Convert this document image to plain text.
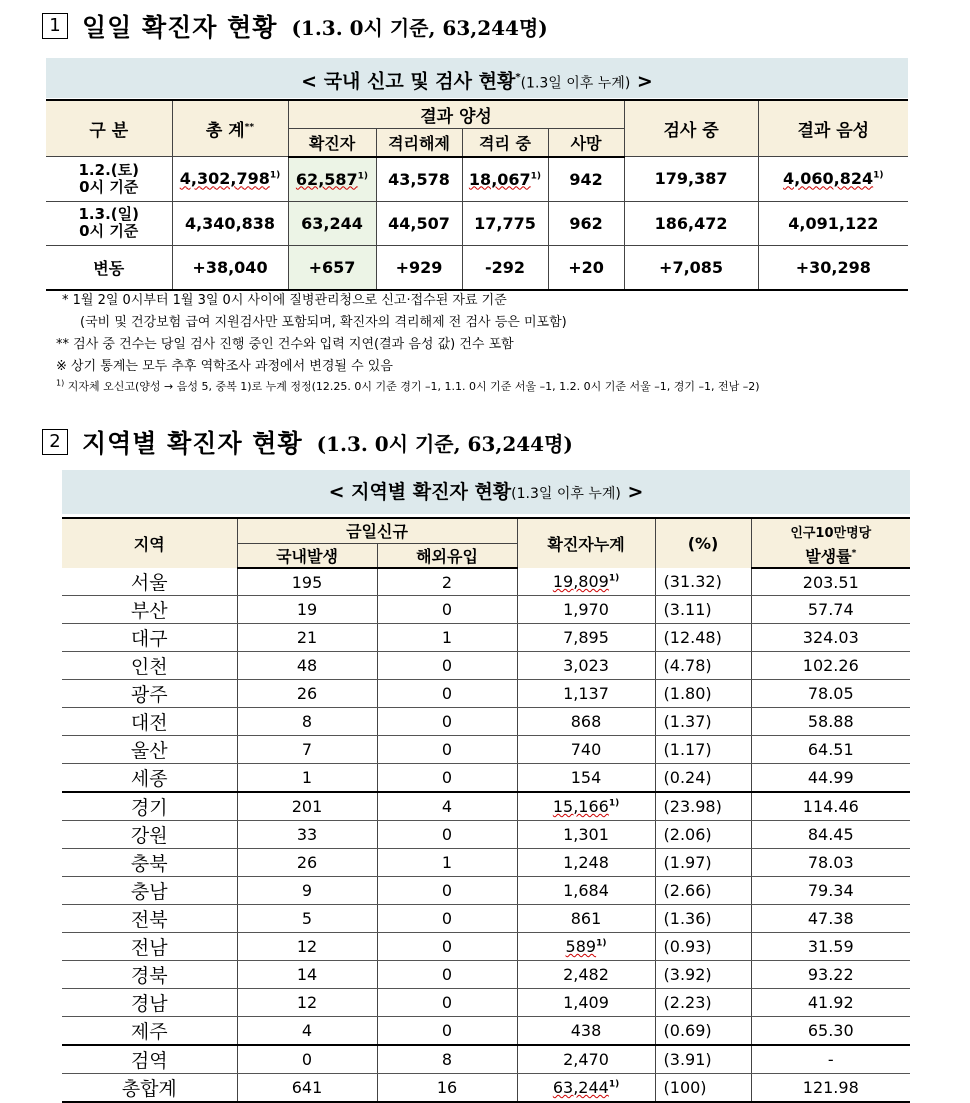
1 일일 확진자 현황 (1.3. 0시 기준, 63,244명)
< 국내 신고 및 검사 현황*(1.3일 이후 누계) >
구 분	총 계**	결과 양성				검사 중	결과 음성
		확진자	격리해제	격리 중	사망		
1.2.(토)
0시 기준	4,302,798$^{1)}$	62,587$^{1)}$	43,578	18,067$^{1)}$	942	179,387	4,060,824$^{1)}$
1.3.(일)
0시 기준	4,340,838	63,244	44,507	17,775	962	186,472	4,091,122
변동	+38,040	+657	+929	-292	+20	+7,085	+30,298
* 1월 2일 0시부터 1월 3일 0시 사이에 질병관리청으로 신고·접수된 자료 기준
(국비 및 건강보험 급여 지원검사만 포함되며, 확진자의 격리해제 전 검사 등은 미포함)
** 검사 중 건수는 당일 검사 진행 중인 건수와 입력 지연(결과 음성 값) 건수 포함
※ 상기 통계는 모두 추후 역학조사 과정에서 변경될 수 있음
$^{1)}$ 지자체 오신고(양성 → 음성 5, 중복 1)로 누계 정정(12.25. 0시 기준 경기 –1, 1.1. 0시 기준 서울 –1, 1.2. 0시 기준 서울 –1, 경기 –1, 전남 –2)
2 지역별 확진자 현황 (1.3. 0시 기준, 63,244명)
< 지역별 확진자 현황(1.3일 이후 누계) >
지역	금일신규		확진자누계	(%)	인구10만명당
	국내발생	해외유입			발생률*
서울	195	2	19,809$^{1)}$	(31.32)	203.51
부산	19	0	1,970	(3.11)	57.74
대구	21	1	7,895	(12.48)	324.03
인천	48	0	3,023	(4.78)	102.26
광주	26	0	1,137	(1.80)	78.05
대전	8	0	868	(1.37)	58.88
울산	7	0	740	(1.17)	64.51
세종	1	0	154	(0.24)	44.99
경기	201	4	15,166$^{1)}$	(23.98)	114.46
강원	33	0	1,301	(2.06)	84.45
충북	26	1	1,248	(1.97)	78.03
충남	9	0	1,684	(2.66)	79.34
전북	5	0	861	(1.36)	47.38
전남	12	0	589$^{1)}$	(0.93)	31.59
경북	14	0	2,482	(3.92)	93.22
경남	12	0	1,409	(2.23)	41.92
제주	4	0	438	(0.69)	65.30
검역	0	8	2,470	(3.91)	-
총합계	641	16	63,244$^{1)}$	(100)	121.98
